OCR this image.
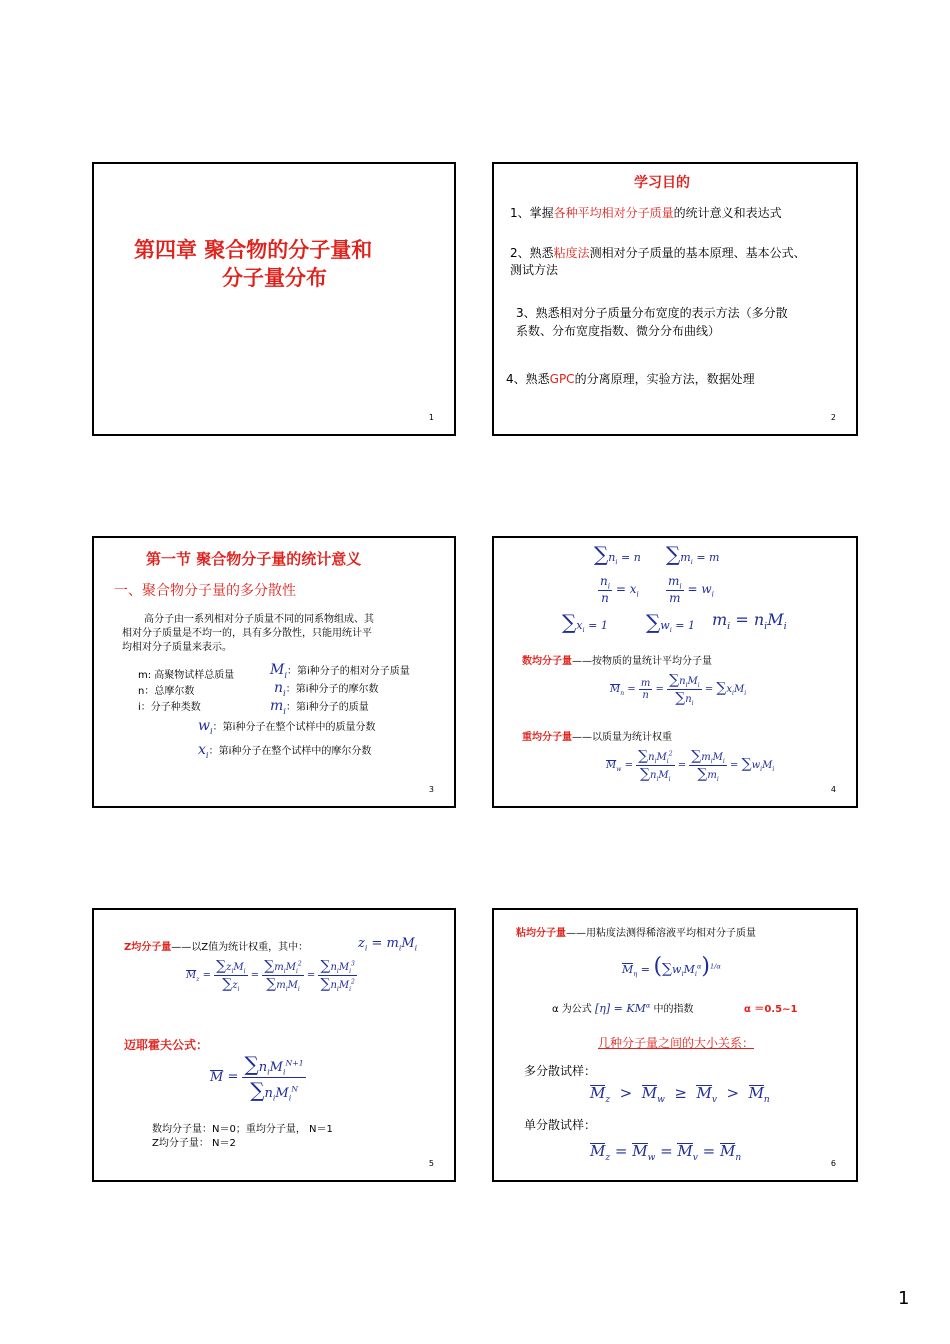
第四章 聚合物的分子量和
分子量分布
1
学习目的
1、掌握各种平均相对分子质量的统计意义和表达式
2、熟悉粘度法测相对分子质量的基本原理、基本公式、
测试方法
3、熟悉相对分子质量分布宽度的表示方法（多分散
系数、分布宽度指数、微分分布曲线）
4、熟悉GPC的分离原理，实验方法，数据处理
2
第一节 聚合物分子量的统计意义
一、聚合物分子量的多分散性
高分子由一系列相对分子质量不同的同系物组成、其
相对分子质量是不均一的，具有多分散性，只能用统计平
均相对分子质量来表示。
m: 高聚物试样总质量
n：总摩尔数
i：分子种类数
$M_i$：第i种分子的相对分子质量
$n_i$：第i种分子的摩尔数
$m_i$：第i种分子的质量
$w_i$：第i种分子在整个试样中的质量分数
$x_i$：第i种分子在整个试样中的摩尔分数
3
$\sum n_i = n$ $\sum m_i = m$
$\frac{n_i}{n} = x_i \frac{m_i}{m} = w_i$
$\sum x_i = 1$ $\sum w_i = 1$ $m_i = n_iM_i$
数均分子量——按物质的量统计平均分子量
$M_n = \frac{m}{n} = \frac{\sum n_iM_i}{\sum n_i} = \sum x_iM_i$
重均分子量——以质量为统计权重
$M_w = \frac{\sum n_iM_i^2}{\sum n_iM_i} = \frac{\sum m_iM_i}{\sum m_i} = \sum w_iM_i$
4
Z均分子量——以Z值为统计权重，其中：	$z_i = m_iM_i$
$M_z = \frac{\sum z_iM_i}{\sum z_i} = \frac{\sum m_iM_i^2}{\sum m_iM_i} = \frac{\sum n_iM_i^3}{\sum n_iM_i^2}$
迈耶霍夫公式：
$M = \frac{\sum n_iM_i^{N+1}}{\sum n_iM_i^N}$
数均分子量：N＝0；重均分子量， N＝1
Z均分子量： N＝2
5
粘均分子量——用粘度法测得稀溶液平均相对分子质量
$M_\eta = (\sum w_iM_i^\alpha)^{1/\alpha}$
α 为公式 $[\eta] = KM^\alpha$ 中的指数	α ＝0.5~1
几种分子量之间的大小关系：
多分散试样：
$M_z > M_w \ge M_v > M_n$
单分散试样：
$M_z = M_w = M_v = M_n$
6
1
